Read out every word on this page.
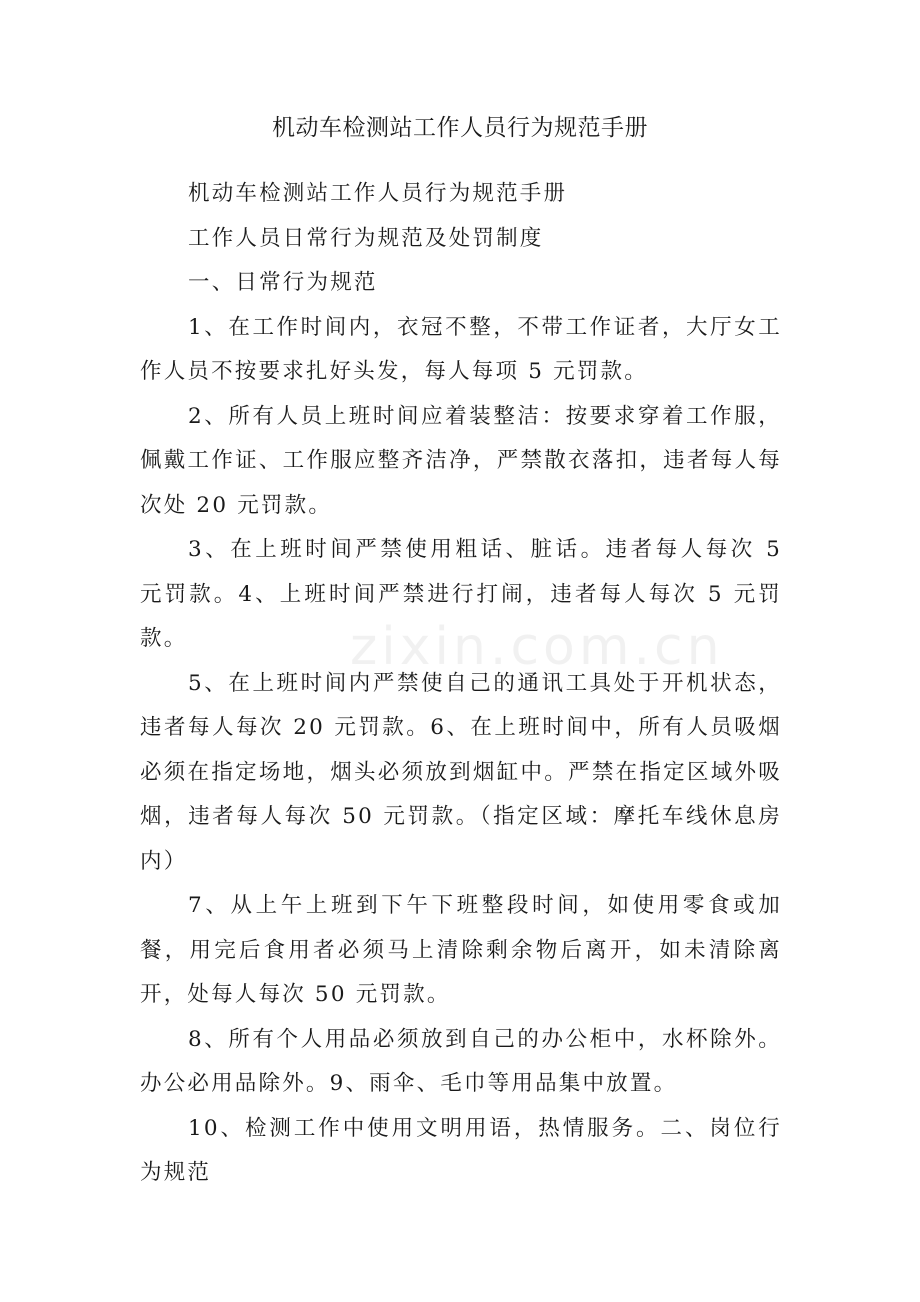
机动车检测站工作人员行为规范手册

机动车检测站工作人员行为规范手册

工作人员日常行为规范及处罚制度

一、日常行为规范

1、在工作时间内，衣冠不整，不带工作证者，大厅女工作人员不按要求扎好头发，每人每项 5 元罚款。

2、所有人员上班时间应着装整洁：按要求穿着工作服，佩戴工作证、工作服应整齐洁净，严禁散衣落扣，违者每人每次处 20 元罚款。

3、在上班时间严禁使用粗话、脏话。违者每人每次 5 元罚款。4、上班时间严禁进行打闹，违者每人每次 5 元罚款。

5、在上班时间内严禁使自己的通讯工具处于开机状态，违者每人每次 20 元罚款。6、在上班时间中，所有人员吸烟必须在指定场地，烟头必须放到烟缸中。严禁在指定区域外吸烟，违者每人每次 50 元罚款。（指定区域：摩托车线休息房内）

7、从上午上班到下午下班整段时间，如使用零食或加餐，用完后食用者必须马上清除剩余物后离开，如未清除离开，处每人每次 50 元罚款。

8、所有个人用品必须放到自己的办公柜中，水杯除外。办公必用品除外。9、雨伞、毛巾等用品集中放置。

10、检测工作中使用文明用语，热情服务。二、岗位行为规范

zixin.com.cn
